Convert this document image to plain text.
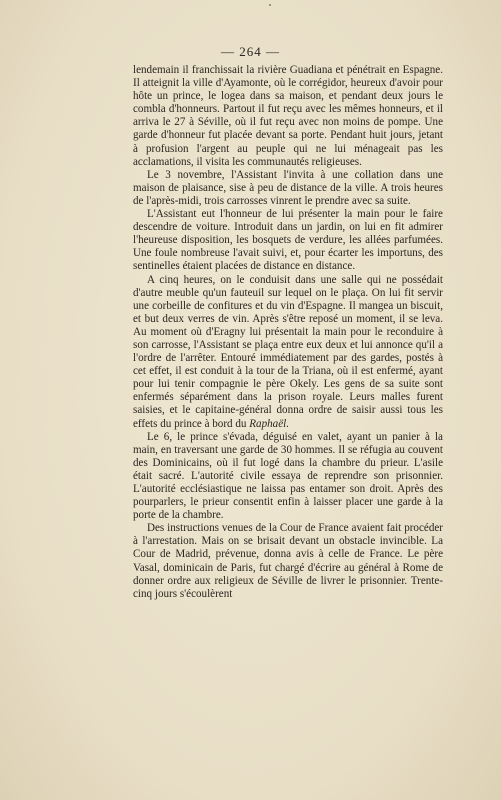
— 264 —

lendemain il franchissait la rivière Guadiana et pénétrait en Espagne. Il atteignit la ville d'Ayamonte, où le corrégidor, heureux d'avoir pour hôte un prince, le logea dans sa maison, et pendant deux jours le combla d'honneurs. Partout il fut reçu avec les mêmes honneurs, et il arriva le 27 à Séville, où il fut reçu avec non moins de pompe. Une garde d'honneur fut placée devant sa porte. Pendant huit jours, jetant à profusion l'argent au peuple qui ne lui ménageait pas les acclamations, il visita les communautés religieuses.

Le 3 novembre, l'Assistant l'invita à une collation dans une maison de plaisance, sise à peu de distance de la ville. A trois heures de l'après-midi, trois carrosses vinrent le prendre avec sa suite.

L'Assistant eut l'honneur de lui présenter la main pour le faire descendre de voiture. Introduit dans un jardin, on lui en fit admirer l'heureuse disposition, les bosquets de verdure, les allées parfumées. Une foule nombreuse l'avait suivi, et, pour écarter les importuns, des sentinelles étaient placées de distance en distance.

A cinq heures, on le conduisit dans une salle qui ne possédait d'autre meuble qu'un fauteuil sur lequel on le plaça. On lui fit servir une corbeille de confitures et du vin d'Espagne. Il mangea un biscuit, et but deux verres de vin. Après s'être reposé un moment, il se leva. Au moment où d'Eragny lui présentait la main pour le reconduire à son carrosse, l'Assistant se plaça entre eux deux et lui annonce qu'il a l'ordre de l'arrêter. Entouré immédiatement par des gardes, postés à cet effet, il est conduit à la tour de la Triana, où il est enfermé, ayant pour lui tenir compagnie le père Okely. Les gens de sa suite sont enfermés séparément dans la prison royale. Leurs malles furent saisies, et le capitaine-général donna ordre de saisir aussi tous les effets du prince à bord du Raphaël.

Le 6, le prince s'évada, déguisé en valet, ayant un panier à la main, en traversant une garde de 30 hommes. Il se réfugia au couvent des Dominicains, où il fut logé dans la chambre du prieur. L'asile était sacré. L'autorité civile essaya de reprendre son prisonnier. L'autorité ecclésiastique ne laissa pas entamer son droit. Après des pourparlers, le prieur consentit enfin à laisser placer une garde à la porte de la chambre.

Des instructions venues de la Cour de France avaient fait procéder à l'arrestation. Mais on se brisait devant un obstacle invincible. La Cour de Madrid, prévenue, donna avis à celle de France. Le père Vasal, dominicain de Paris, fut chargé d'écrire au général à Rome de donner ordre aux religieux de Séville de livrer le prisonnier. Trente-cinq jours s'écoulèrent
